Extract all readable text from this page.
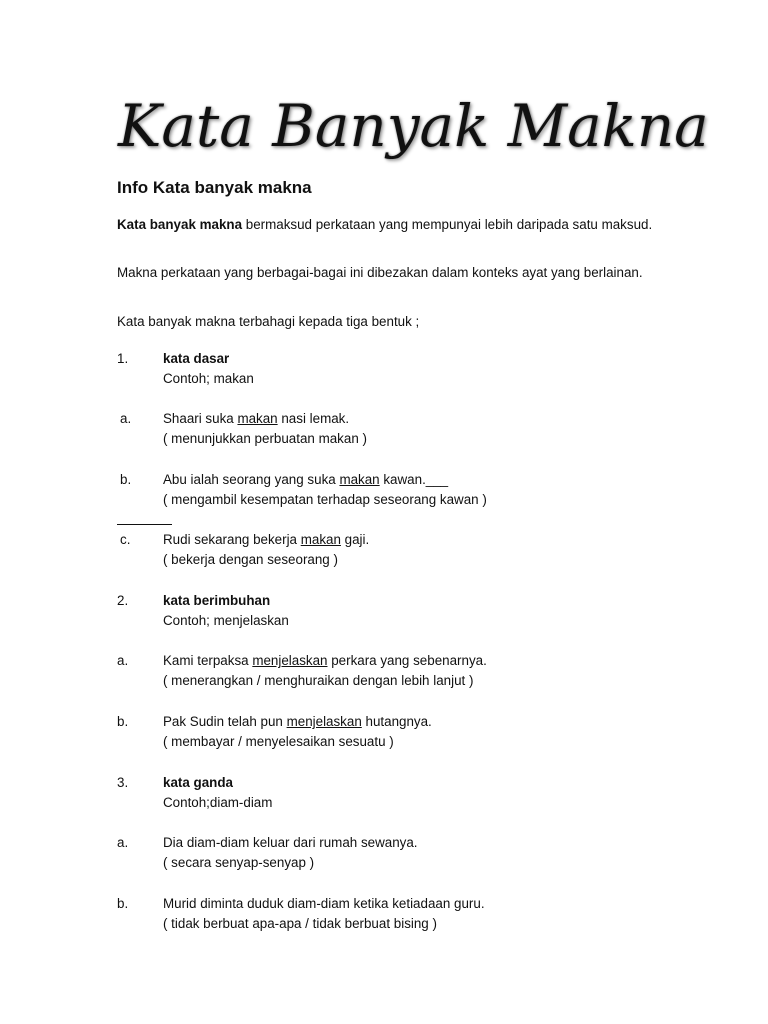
Kata Banyak Makna
Info Kata banyak makna
Kata banyak makna bermaksud perkataan yang mempunyai lebih daripada satu maksud.
Makna perkataan yang berbagai-bagai ini dibezakan dalam konteks ayat yang berlainan.
Kata banyak makna terbahagi kepada tiga bentuk ;
1.	kata dasar
Contoh; makan
a. Shaari suka makan nasi lemak.
( menunjukkan perbuatan makan )
b. Abu ialah seorang yang suka makan kawan.___
( mengambil kesempatan terhadap seseorang kawan )
c. Rudi sekarang bekerja makan gaji.
( bekerja dengan seseorang )
2.	kata berimbuhan
Contoh; menjelaskan
a.	Kami terpaksa menjelaskan perkara yang sebenarnya.
( menerangkan / menghuraikan dengan lebih lanjut )
b.	Pak Sudin telah pun menjelaskan hutangnya.
( membayar / menyelesaikan sesuatu )
3.	kata ganda
Contoh;diam-diam
a.	Dia diam-diam keluar dari rumah sewanya.
( secara senyap-senyap )
b.	Murid diminta duduk diam-diam ketika ketiadaan guru.
( tidak berbuat apa-apa / tidak berbuat bising )
